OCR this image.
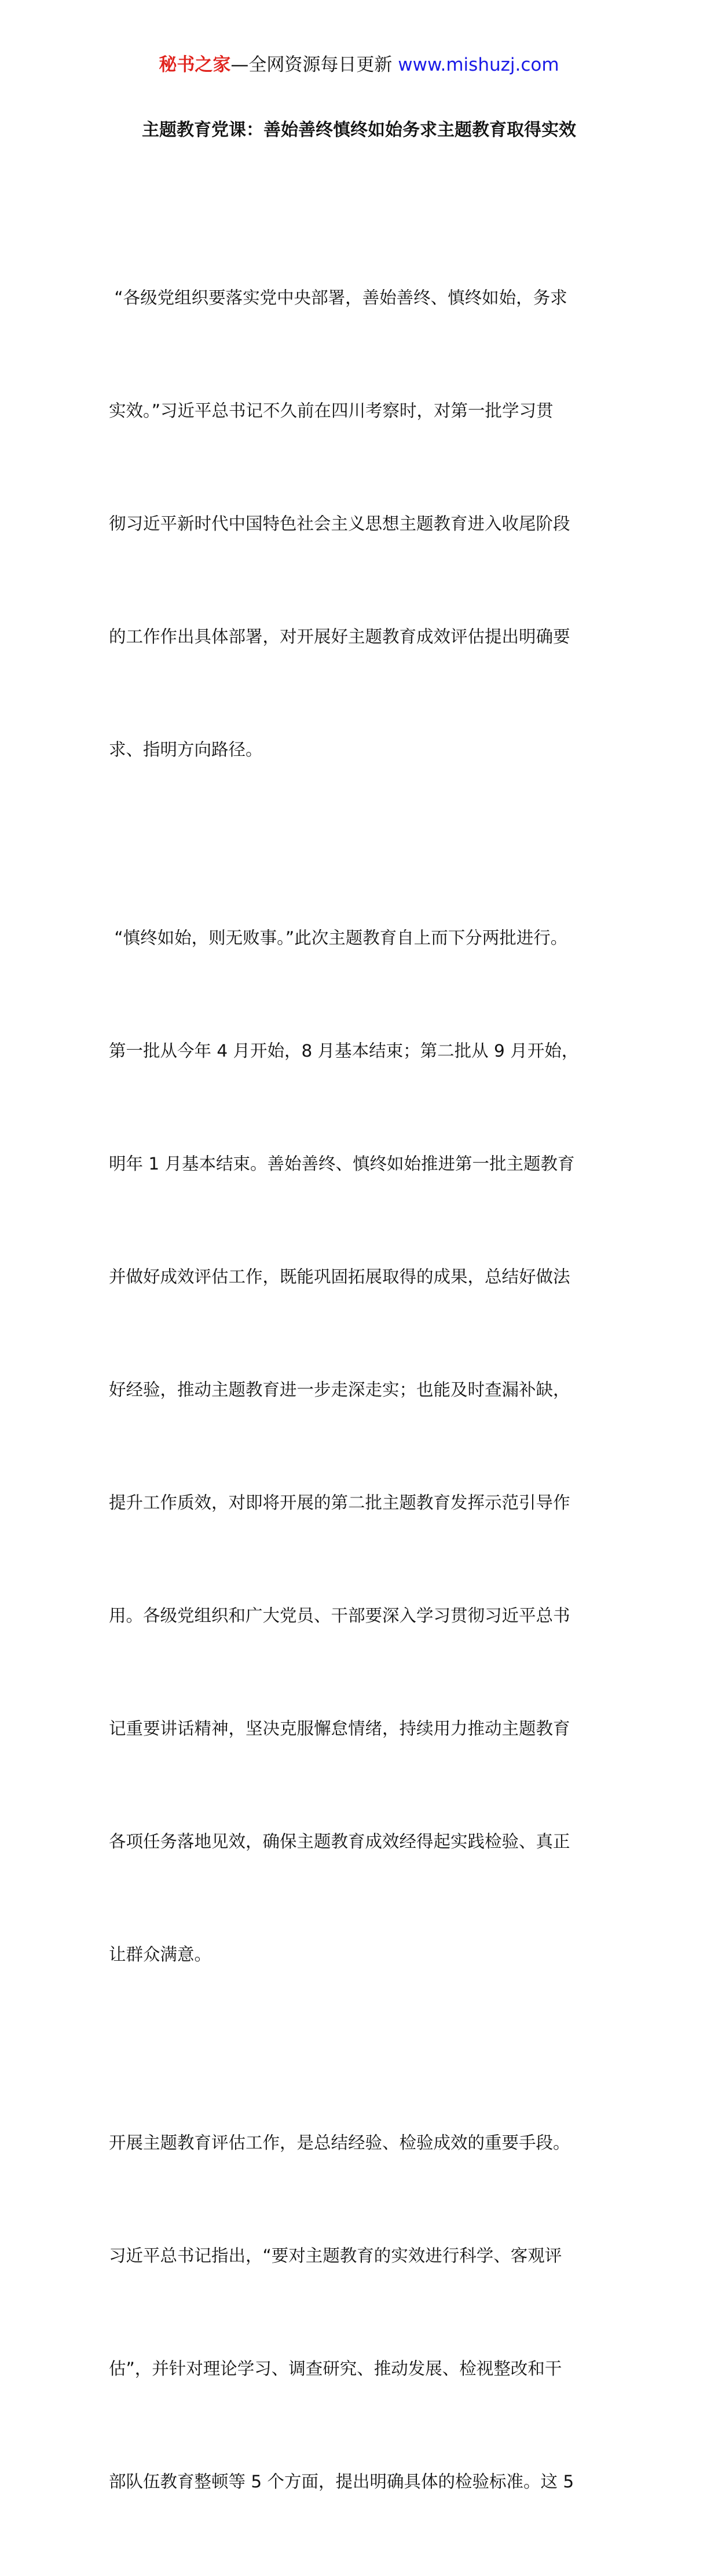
秘书之家—全网资源每日更新 www.mishuzj.com
主题教育党课：善始善终慎终如始务求主题教育取得实效

“各级党组织要落实党中央部署，善始善终、慎终如始，务求

实效。”习近平总书记不久前在四川考察时，对第一批学习贯

彻习近平新时代中国特色社会主义思想主题教育进入收尾阶段

的工作作出具体部署，对开展好主题教育成效评估提出明确要

求、指明方向路径。

“慎终如始，则无败事。”此次主题教育自上而下分两批进行。

第一批从今年 4 月开始，8 月基本结束；第二批从 9 月开始，

明年 1 月基本结束。善始善终、慎终如始推进第一批主题教育

并做好成效评估工作，既能巩固拓展取得的成果，总结好做法

好经验，推动主题教育进一步走深走实；也能及时查漏补缺，

提升工作质效，对即将开展的第二批主题教育发挥示范引导作

用。各级党组织和广大党员、干部要深入学习贯彻习近平总书

记重要讲话精神，坚决克服懈怠情绪，持续用力推动主题教育

各项任务落地见效，确保主题教育成效经得起实践检验、真正

让群众满意。

开展主题教育评估工作，是总结经验、检验成效的重要手段。

习近平总书记指出，“要对主题教育的实效进行科学、客观评

估”，并针对理论学习、调查研究、推动发展、检视整改和干

部队伍教育整顿等 5 个方面，提出明确具体的检验标准。这 5
